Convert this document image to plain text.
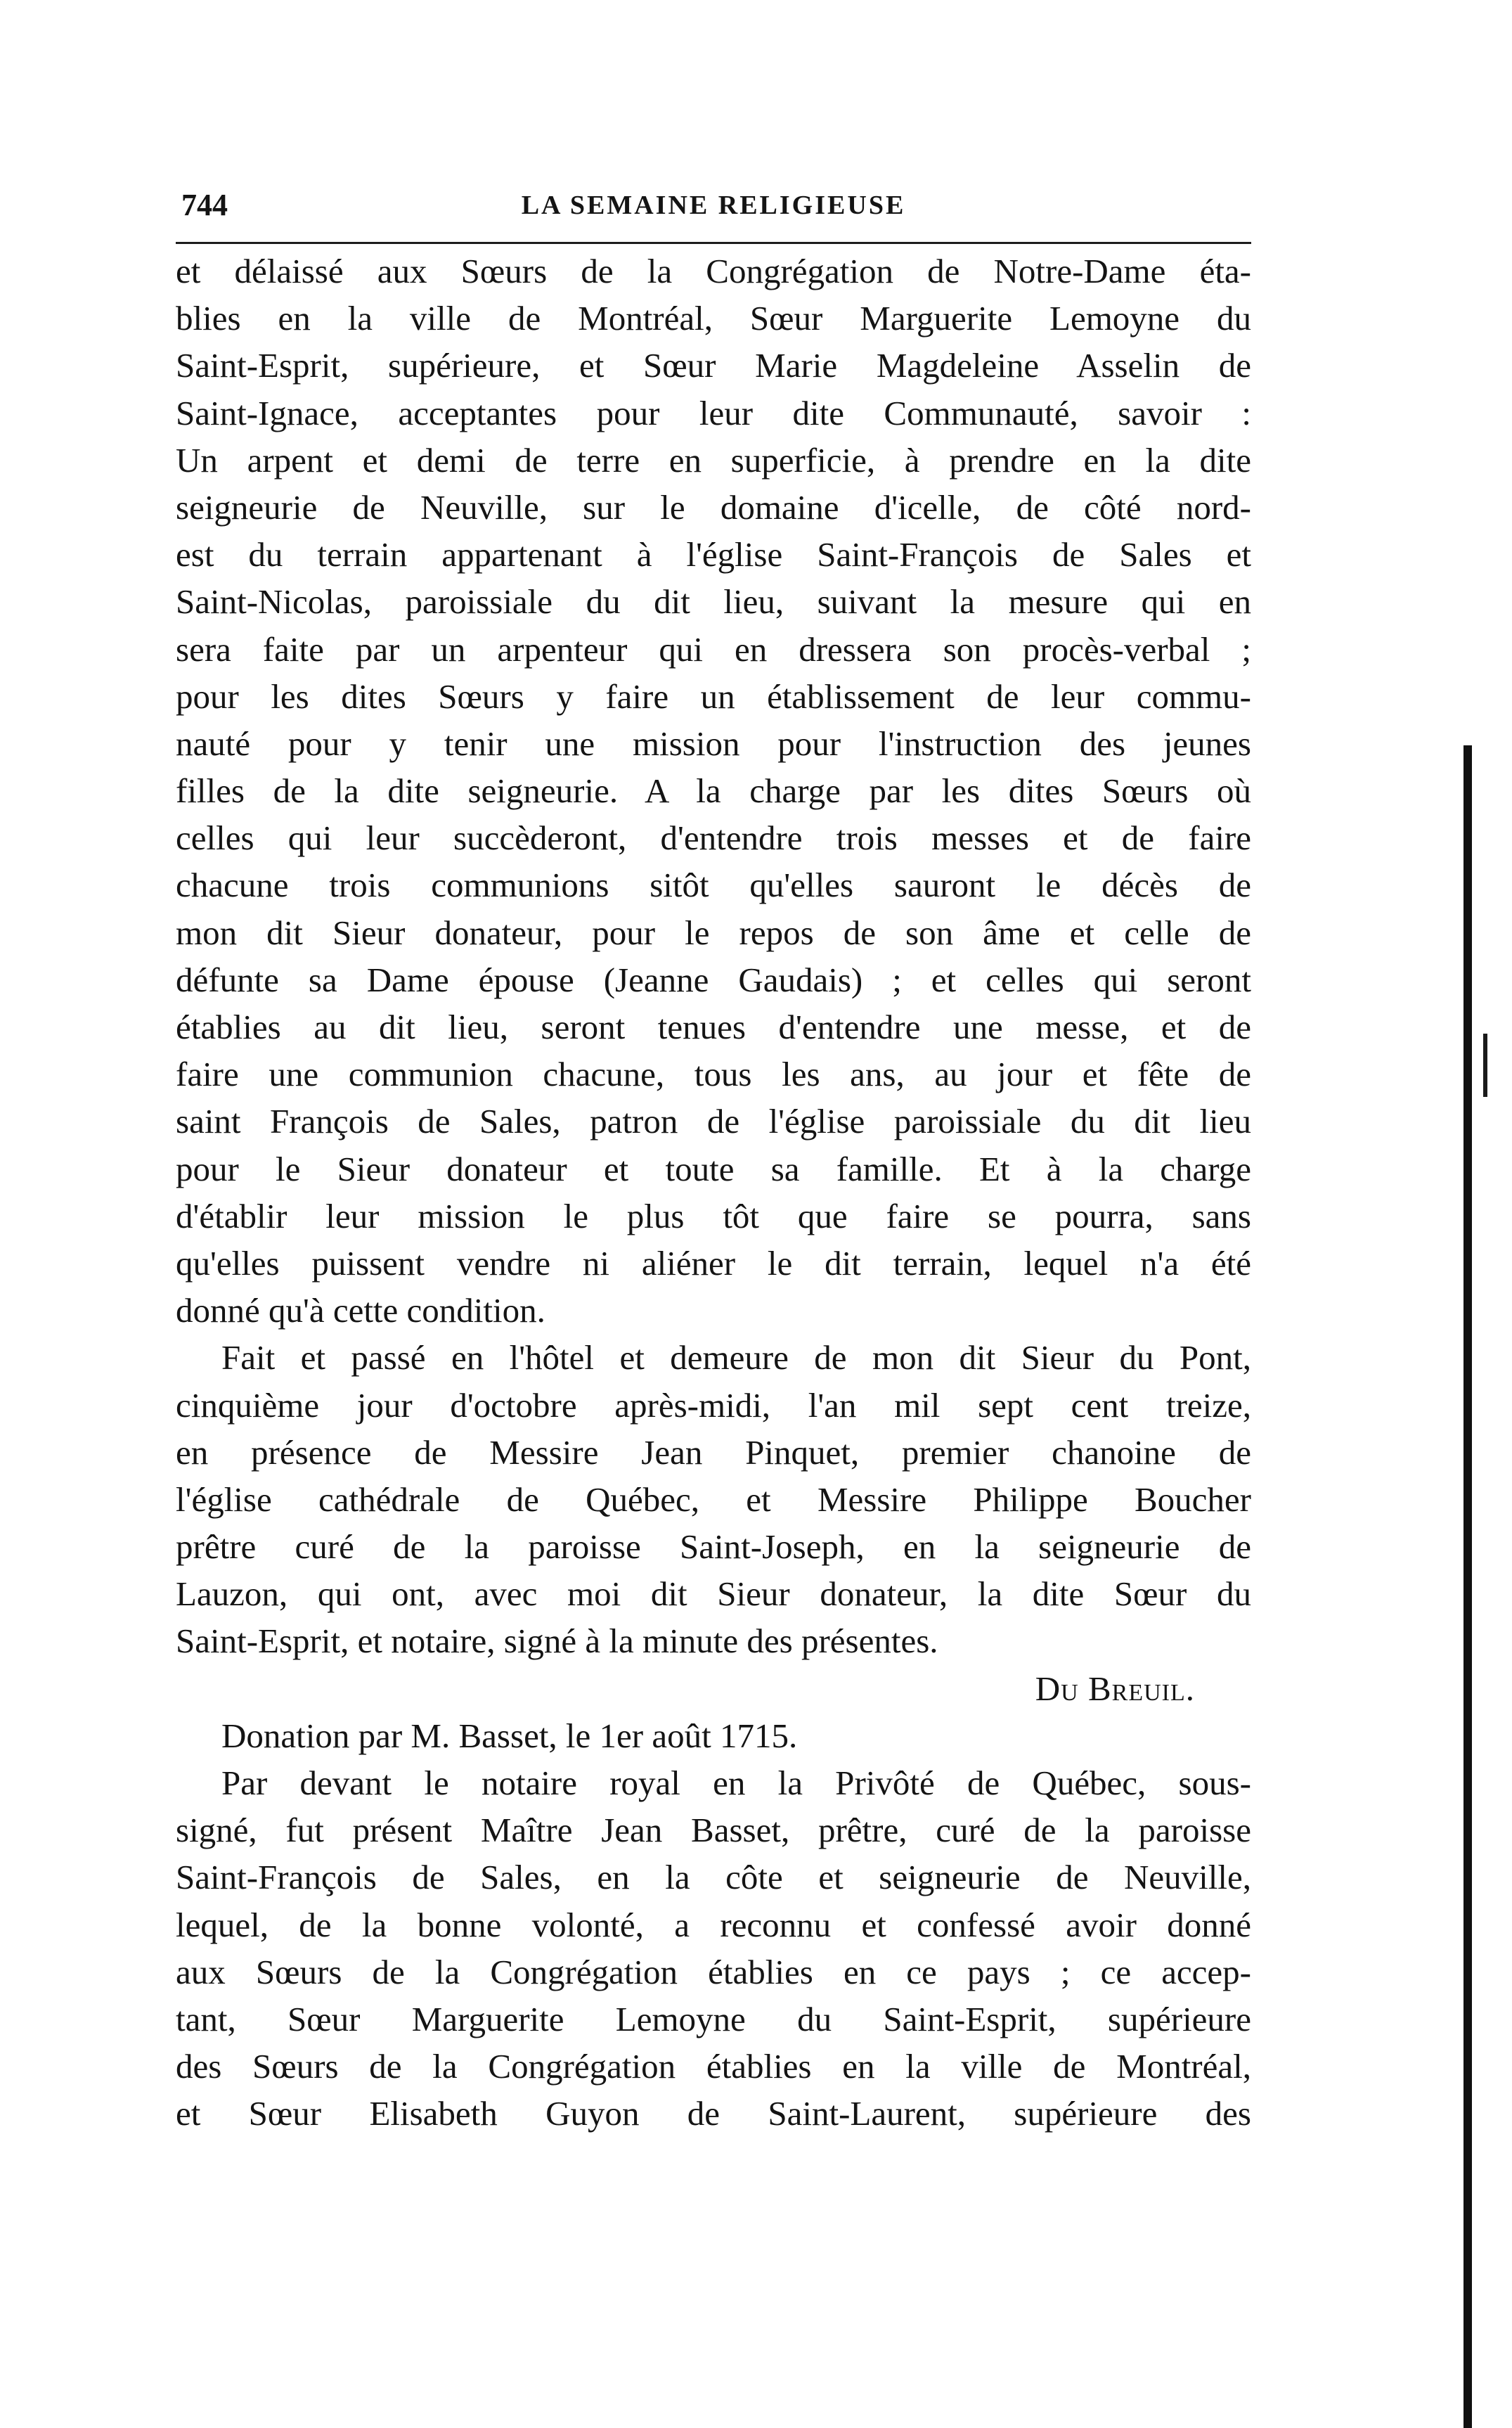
744	LA SEMAINE RELIGIEUSE
et délaissé aux Sœurs de la Congrégation de Notre-Dame éta-
blies en la ville de Montréal, Sœur Marguerite Lemoyne du
Saint-Esprit, supérieure, et Sœur Marie Magdeleine Asselin de
Saint-Ignace, acceptantes pour leur dite Communauté, savoir :
Un arpent et demi de terre en superficie, à prendre en la dite
seigneurie de Neuville, sur le domaine d'icelle, de côté nord-
est du terrain appartenant à l'église Saint-François de Sales et
Saint-Nicolas, paroissiale du dit lieu, suivant la mesure qui en
sera faite par un arpenteur qui en dressera son procès-verbal ;
pour les dites Sœurs y faire un établissement de leur commu-
nauté pour y tenir une mission pour l'instruction des jeunes
filles de la dite seigneurie. A la charge par les dites Sœurs où
celles qui leur succèderont, d'entendre trois messes et de faire
chacune trois communions sitôt qu'elles sauront le décès de
mon dit Sieur donateur, pour le repos de son âme et celle de
défunte sa Dame épouse (Jeanne Gaudais) ; et celles qui seront
établies au dit lieu, seront tenues d'entendre une messe, et de
faire une communion chacune, tous les ans, au jour et fête de
saint François de Sales, patron de l'église paroissiale du dit lieu
pour le Sieur donateur et toute sa famille. Et à la charge
d'établir leur mission le plus tôt que faire se pourra, sans
qu'elles puissent vendre ni aliéner le dit terrain, lequel n'a été
donné qu'à cette condition.
Fait et passé en l'hôtel et demeure de mon dit Sieur du Pont,
cinquième jour d'octobre après-midi, l'an mil sept cent treize,
en présence de Messire Jean Pinquet, premier chanoine de
l'église cathédrale de Québec, et Messire Philippe Boucher
prêtre curé de la paroisse Saint-Joseph, en la seigneurie de
Lauzon, qui ont, avec moi dit Sieur donateur, la dite Sœur du
Saint-Esprit, et notaire, signé à la minute des présentes.
Du Breuil.
Donation par M. Basset, le 1er août 1715.
Par devant le notaire royal en la Privôté de Québec, sous-
signé, fut présent Maître Jean Basset, prêtre, curé de la paroisse
Saint-François de Sales, en la côte et seigneurie de Neuville,
lequel, de la bonne volonté, a reconnu et confessé avoir donné
aux Sœurs de la Congrégation établies en ce pays ; ce accep-
tant, Sœur Marguerite Lemoyne du Saint-Esprit, supérieure
des Sœurs de la Congrégation établies en la ville de Montréal,
et Sœur Elisabeth Guyon de Saint-Laurent, supérieure des
